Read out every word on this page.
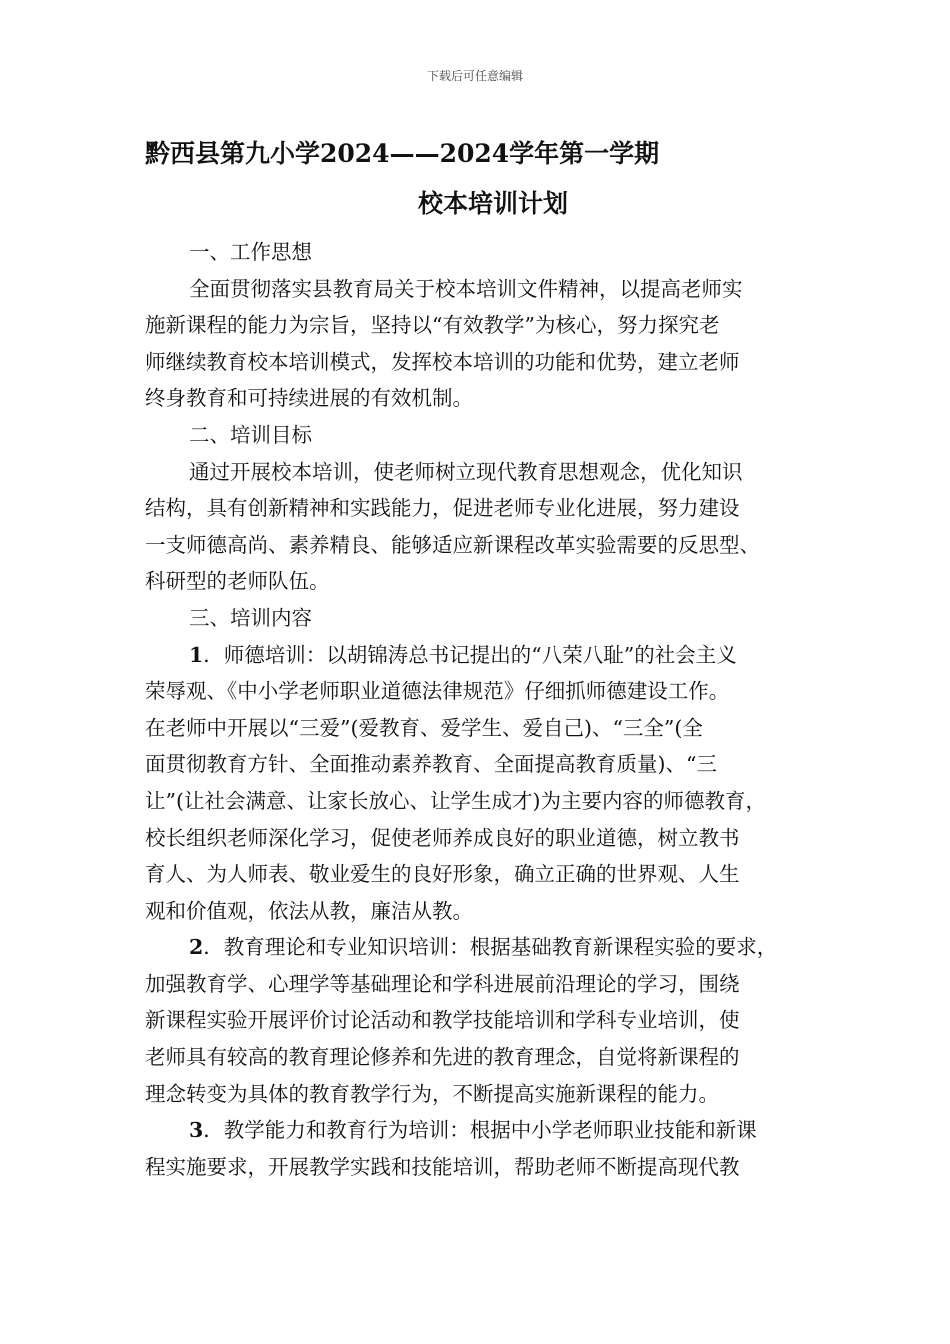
下载后可任意编辑
黔西县第九小学2024——2024学年第一学期
校本培训计划

一、工作思想

全面贯彻落实县教育局关于校本培训文件精神，以提高老师实

施新课程的能力为宗旨，坚持以“有效教学”为核心，努力探究老

师继续教育校本培训模式，发挥校本培训的功能和优势，建立老师

终身教育和可持续进展的有效机制。

二、培训目标

通过开展校本培训，使老师树立现代教育思想观念，优化知识

结构，具有创新精神和实践能力，促进老师专业化进展，努力建设

一支师德高尚、素养精良、能够适应新课程改革实验需要的反思型、

科研型的老师队伍。

三、培训内容

1．师德培训：以胡锦涛总书记提出的“八荣八耻”的社会主义

荣辱观、《中小学老师职业道德法律规范》仔细抓师德建设工作。

在老师中开展以“三爱”(爱教育、爱学生、爱自己)、“三全”(全

面贯彻教育方针、全面推动素养教育、全面提高教育质量)、“三

让”(让社会满意、让家长放心、让学生成才)为主要内容的师德教育，

校长组织老师深化学习，促使老师养成良好的职业道德，树立教书

育人、为人师表、敬业爱生的良好形象，确立正确的世界观、人生

观和价值观，依法从教，廉洁从教。

2．教育理论和专业知识培训：根据基础教育新课程实验的要求，

加强教育学、心理学等基础理论和学科进展前沿理论的学习，围绕

新课程实验开展评价讨论活动和教学技能培训和学科专业培训，使

老师具有较高的教育理论修养和先进的教育理念，自觉将新课程的

理念转变为具体的教育教学行为，不断提高实施新课程的能力。

3．教学能力和教育行为培训：根据中小学老师职业技能和新课

程实施要求，开展教学实践和技能培训，帮助老师不断提高现代教
